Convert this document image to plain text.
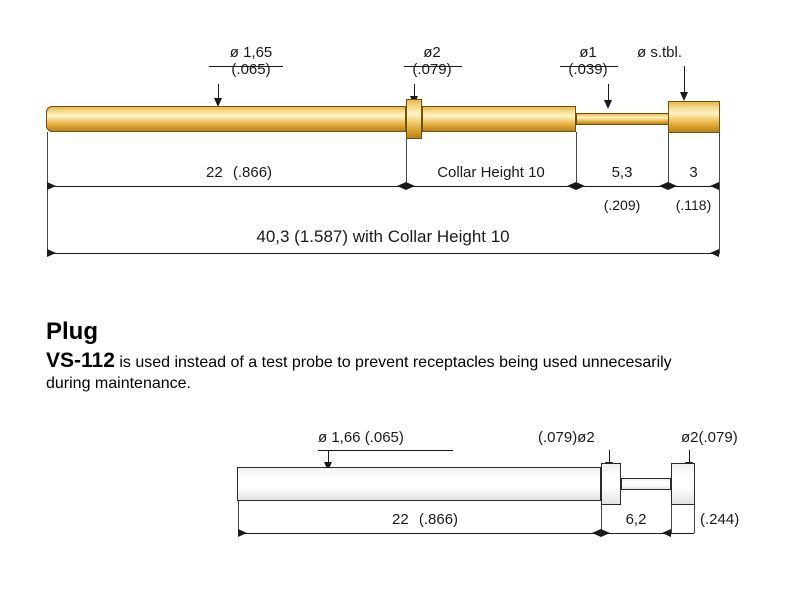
ø 1,65
(.065)
ø2
(.079)
ø1
(.039)
ø s.tbl.
22 (.866)	Collar Height 10	5,3
(.209)
3
(.118)
40,3 (1.587) with Collar Height 10
Plug
VS-112 is used instead of a test probe to prevent receptacles being used unnecesarily during maintenance.
ø 1,66 (.065)	(.079)ø2	ø2(.079)
22 (.866)	6,2	(.244)
